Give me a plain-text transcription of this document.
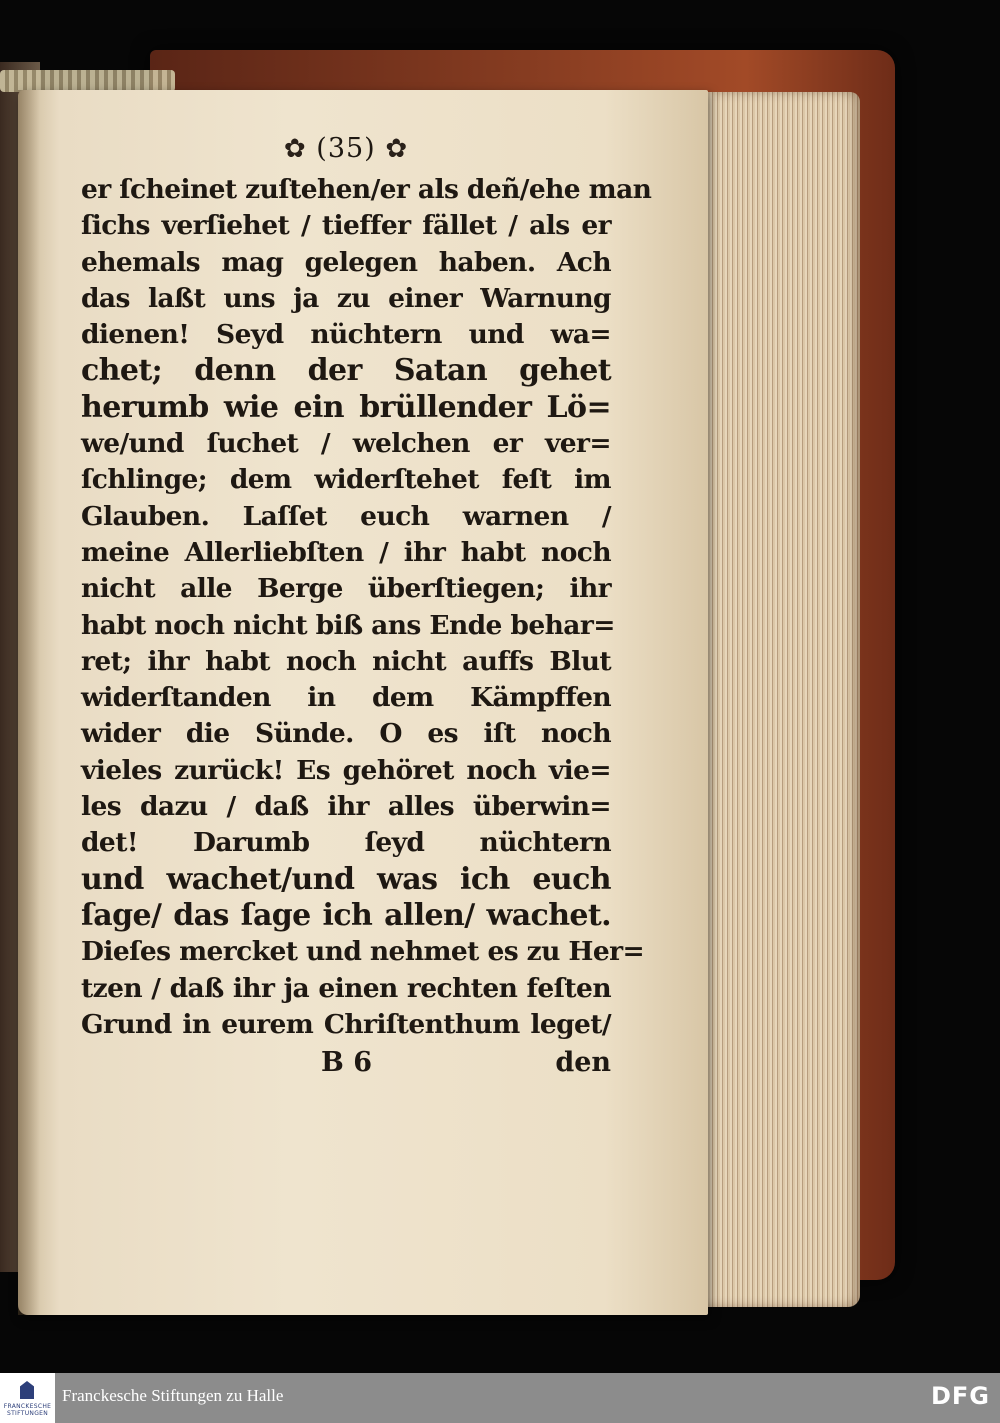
✿ (35) ✿
er ſcheinet zuſtehen/er als deñ/ehe man
ſichs verſiehet / tieffer fället / als er
ehemals mag gelegen haben. Ach
das laßt uns ja zu einer Warnung
dienen! Seyd nüchtern und wa=
chet; denn der Satan gehet
herumb wie ein brüllender Lö=
we/und ſuchet / welchen er ver=
ſchlinge; dem widerſtehet feſt im
Glauben. Laſſet euch warnen /
meine Allerliebſten / ihr habt noch
nicht alle Berge überſtiegen; ihr
habt noch nicht biß ans Ende behar=
ret; ihr habt noch nicht auffs Blut
widerſtanden in dem Kämpffen
wider die Sünde. O es iſt noch
vieles zurück! Es gehöret noch vie=
les dazu / daß ihr alles überwin=
det! Darumb ſeyd nüchtern
und wachet/und was ich euch
ſage/ das ſage ich allen/ wachet.
Dieſes mercket und nehmet es zu Her=
tzen / daß ihr ja einen rechten feſten
Grund in eurem Chriſtenthum leget/
B 6	den
FRANCKESCHE
STIFTUNGEN
Franckesche Stiftungen zu Halle	DFG
